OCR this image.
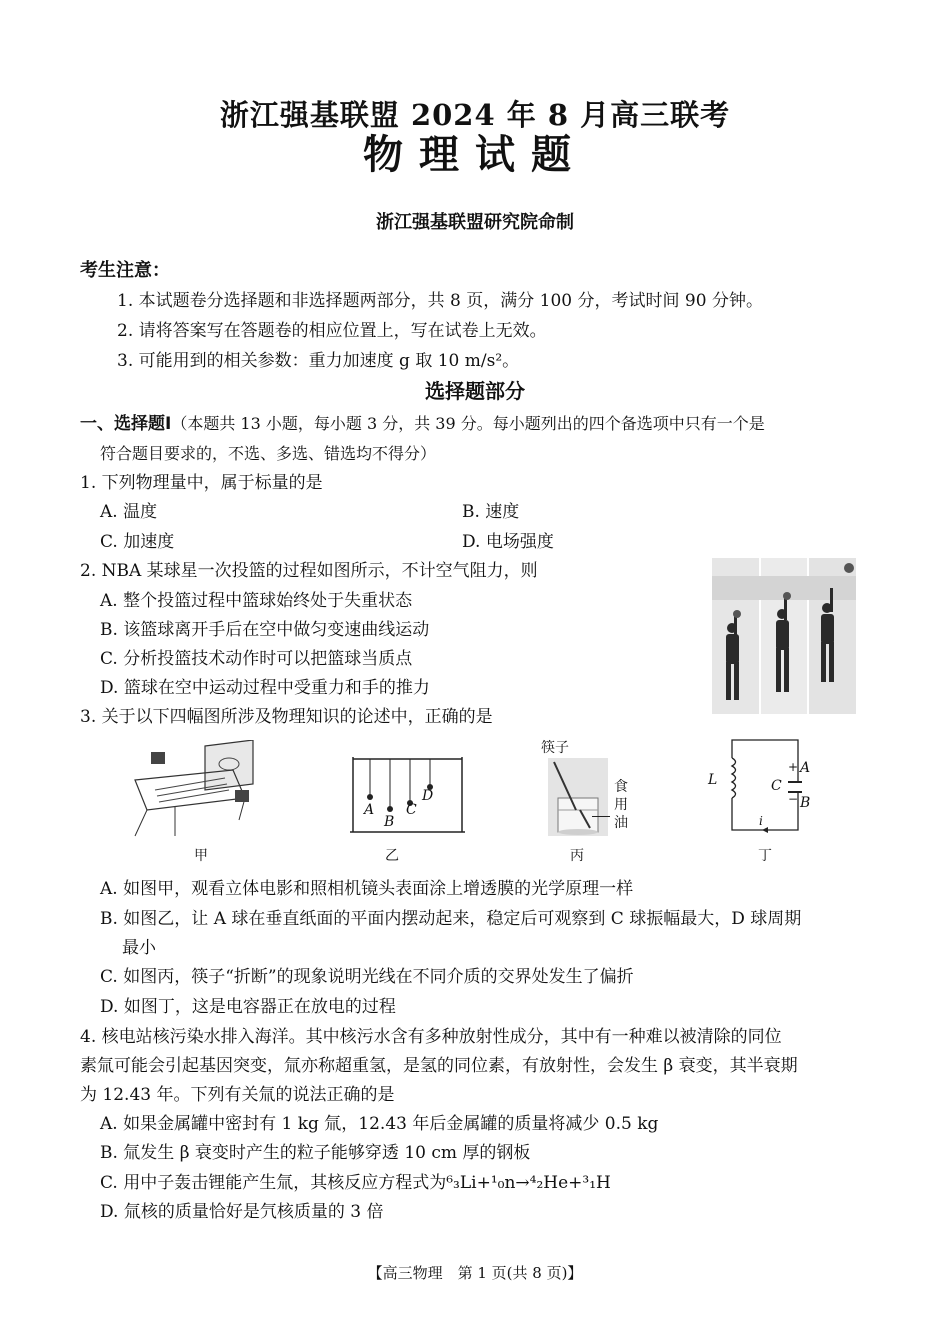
浙江强基联盟 2024 年 8 月高三联考
物理试题
浙江强基联盟研究院命制
考生注意：
1. 本试题卷分选择题和非选择题两部分，共 8 页，满分 100 分，考试时间 90 分钟。
2. 请将答案写在答题卷的相应位置上，写在试卷上无效。
3. 可能用到的相关参数：重力加速度 g 取 10 m/s²。
选择题部分
一、选择题Ⅰ（本题共 13 小题，每小题 3 分，共 39 分。每小题列出的四个备选项中只有一个是
符合题目要求的，不选、多选、错选均不得分）
1. 下列物理量中，属于标量的是
A. 温度	B. 速度
C. 加速度	D. 电场强度
2. NBA 某球星一次投篮的过程如图所示，不计空气阻力，则
A. 整个投篮过程中篮球始终处于失重状态
B. 该篮球离开手后在空中做匀变速曲线运动
C. 分析投篮技术动作时可以把篮球当质点
D. 篮球在空中运动过程中受重力和手的推力
3. 关于以下四幅图所涉及物理知识的论述中，正确的是
甲
A
B
C
D
乙
筷子
食
用
油
丙
L	C
+
−
A
B
i
丁
A. 如图甲，观看立体电影和照相机镜头表面涂上增透膜的光学原理一样
B. 如图乙，让 A 球在垂直纸面的平面内摆动起来，稳定后可观察到 C 球振幅最大，D 球周期
最小
C. 如图丙，筷子“折断”的现象说明光线在不同介质的交界处发生了偏折
D. 如图丁，这是电容器正在放电的过程
4. 核电站核污染水排入海洋。其中核污水含有多种放射性成分，其中有一种难以被清除的同位
素氚可能会引起基因突变，氚亦称超重氢，是氢的同位素，有放射性，会发生 β 衰变，其半衰期
为 12.43 年。下列有关氚的说法正确的是
A. 如果金属罐中密封有 1 kg 氚，12.43 年后金属罐的质量将减少 0.5 kg
B. 氚发生 β 衰变时产生的粒子能够穿透 10 cm 厚的钢板
C. 用中子轰击锂能产生氚，其核反应方程式为⁶₃Li+¹₀n→⁴₂He+³₁H
D. 氚核的质量恰好是氕核质量的 3 倍
【高三物理　第 1 页(共 8 页)】
